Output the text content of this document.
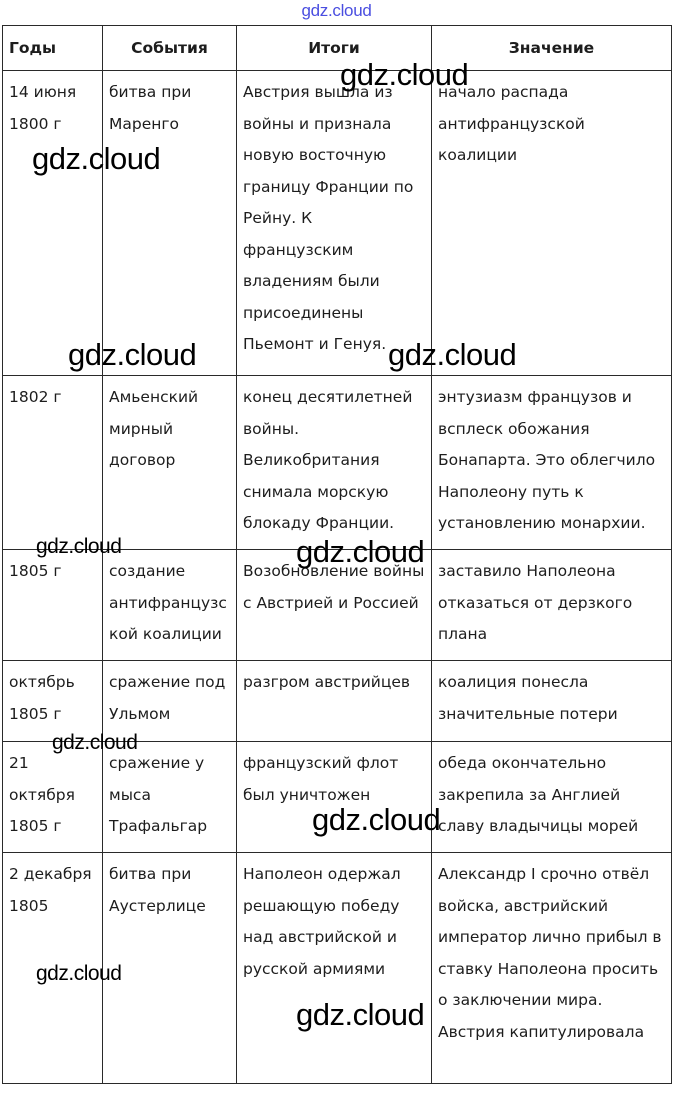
gdz.cloud
Годы	События	Итоги	Значение
14 июня 1800 г	битва при Маренго	Австрия вышла из войны и признала новую восточную границу Франции по Рейну. К французским владениям были присоединены Пьемонт и Генуя.	начало распада антифранцузской коалиции
1802 г	Амьенский мирный договор	конец десятилетней войны. Великобритания снимала морскую блокаду Франции.	энтузиазм французов и всплеск обожания Бонапарта. Это облегчило Наполеону путь к установлению монархии.
1805 г	создание антифранцузс кой коалиции	Возобновление войны с Австрией и Россией	заставило Наполеона отказаться от дерзкого плана
октябрь 1805 г	сражение под Ульмом	разгром австрийцев	коалиция понесла значительные потери
21 октября 1805 г	сражение у мыса Трафальгар	французский флот был уничтожен	обеда окончательно закрепила за Англией славу владычицы морей
2 декабря 1805	битва при Аустерлице	Наполеон одержал решающую победу над австрийской и русской армиями	Александр I срочно отвёл войска, австрийский император лично прибыл в ставку Наполеона просить о заключении мира. Австрия капитулировала
gdz.cloud
gdz.cloud
gdz.cloud	gdz.cloud
gdz.cloud	gdz.cloud
gdz.cloud
gdz.cloud
gdz.cloud
gdz.cloud
